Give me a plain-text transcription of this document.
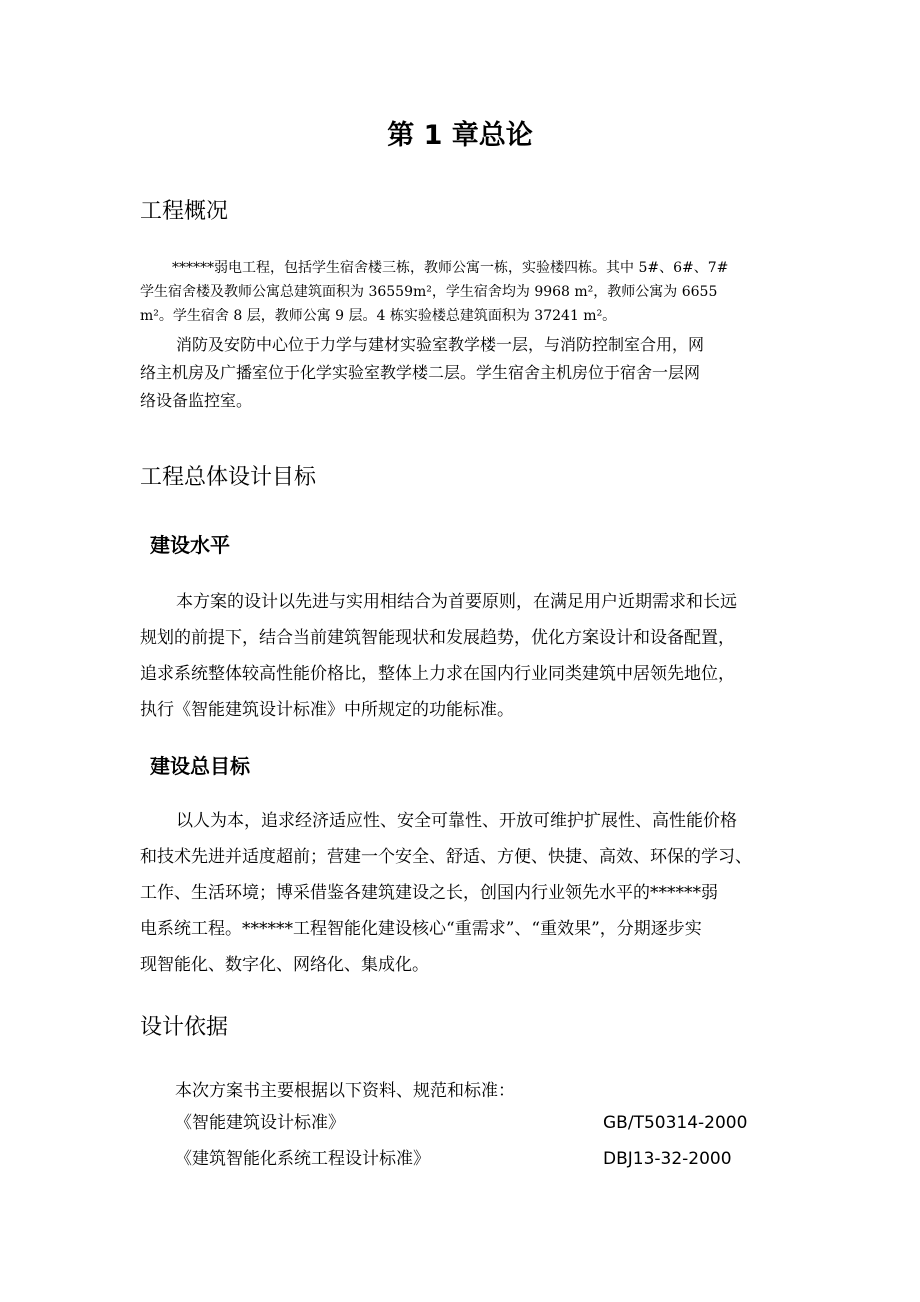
第 1 章总论
工程概况
******弱电工程，包括学生宿舍楼三栋，教师公寓一栋，实验楼四栋。其中 5#、6#、7#
学生宿舍楼及教师公寓总建筑面积为 36559m²，学生宿舍均为 9968 m²，教师公寓为 6655
m²。学生宿舍 8 层，教师公寓 9 层。4 栋实验楼总建筑面积为 37241 m²。
消防及安防中心位于力学与建材实验室教学楼一层，与消防控制室合用，网
络主机房及广播室位于化学实验室教学楼二层。学生宿舍主机房位于宿舍一层网
络设备监控室。
工程总体设计目标
建设水平
本方案的设计以先进与实用相结合为首要原则，在满足用户近期需求和长远
规划的前提下，结合当前建筑智能现状和发展趋势，优化方案设计和设备配置，
追求系统整体较高性能价格比，整体上力求在国内行业同类建筑中居领先地位，
执行《智能建筑设计标准》中所规定的功能标准。
建设总目标
以人为本，追求经济适应性、安全可靠性、开放可维护扩展性、高性能价格
和技术先进并适度超前；营建一个安全、舒适、方便、快捷、高效、环保的学习、
工作、生活环境；博采借鉴各建筑建设之长，创国内行业领先水平的******弱
电系统工程。******工程智能化建设核心“重需求”、“重效果”，分期逐步实
现智能化、数字化、网络化、集成化。
设计依据

本次方案书主要根据以下资料、规范和标准：

《智能建筑设计标准》	GB/T50314-2000
《建筑智能化系统工程设计标准》	DBJ13-32-2000
